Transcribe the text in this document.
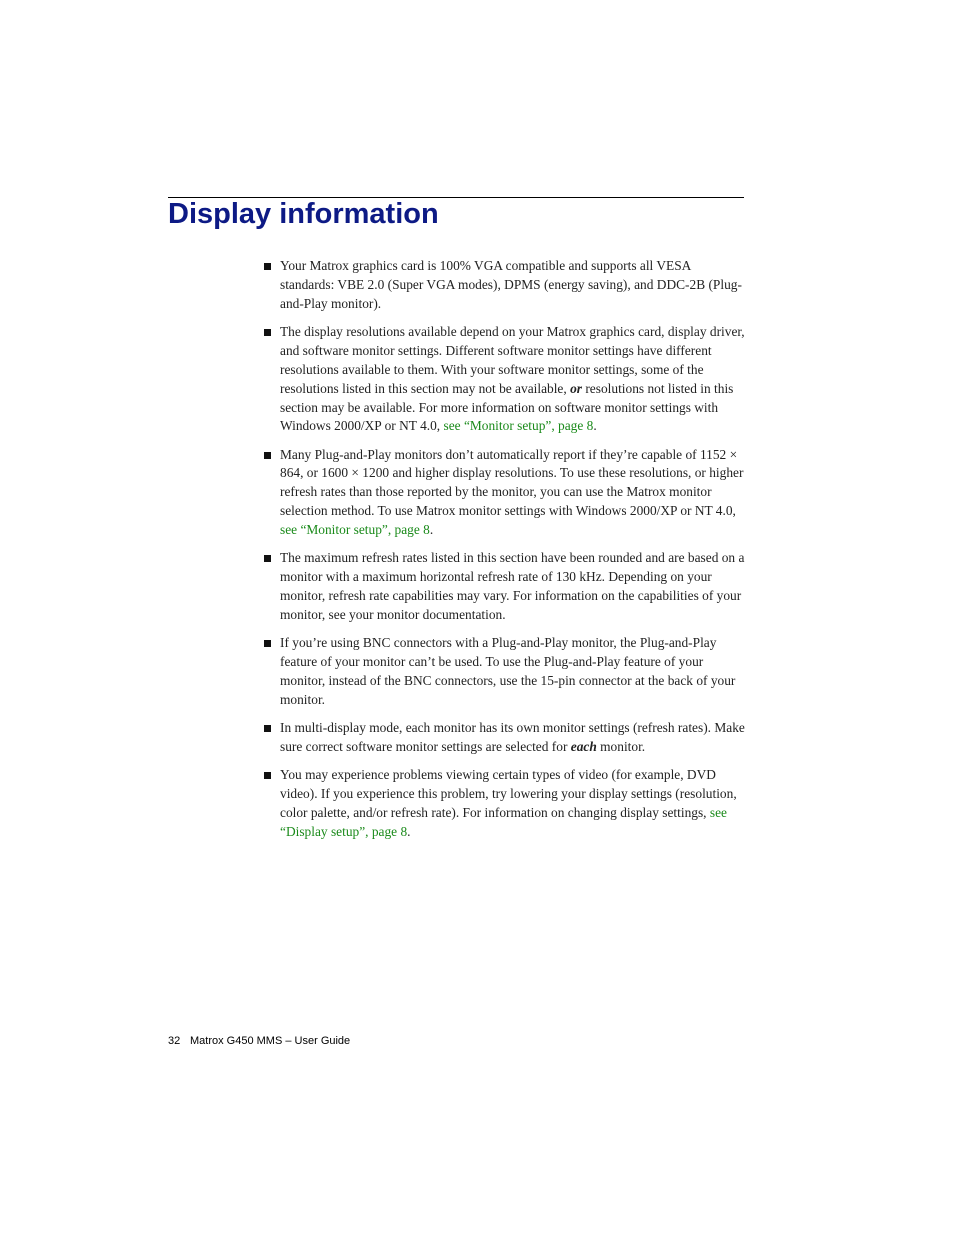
Display information
Your Matrox graphics card is 100% VGA compatible and supports all VESA standards: VBE 2.0 (Super VGA modes), DPMS (energy saving), and DDC-2B (Plug-and-Play monitor).
The display resolutions available depend on your Matrox graphics card, display driver, and software monitor settings. Different software monitor settings have different resolutions available to them. With your software monitor settings, some of the resolutions listed in this section may not be available, or resolutions not listed in this section may be available. For more information on software monitor settings with Windows 2000/XP or NT 4.0, see “Monitor setup”, page 8.
Many Plug-and-Play monitors don’t automatically report if they’re capable of 1152 × 864, or 1600 × 1200 and higher display resolutions. To use these resolutions, or higher refresh rates than those reported by the monitor, you can use the Matrox monitor selection method. To use Matrox monitor settings with Windows 2000/XP or NT 4.0, see “Monitor setup”, page 8.
The maximum refresh rates listed in this section have been rounded and are based on a monitor with a maximum horizontal refresh rate of 130 kHz. Depending on your monitor, refresh rate capabilities may vary. For information on the capabilities of your monitor, see your monitor documentation.
If you’re using BNC connectors with a Plug-and-Play monitor, the Plug-and-Play feature of your monitor can’t be used. To use the Plug-and-Play feature of your monitor, instead of the BNC connectors, use the 15-pin connector at the back of your monitor.
In multi-display mode, each monitor has its own monitor settings (refresh rates). Make sure correct software monitor settings are selected for each monitor.
You may experience problems viewing certain types of video (for example, DVD video). If you experience this problem, try lowering your display settings (resolution, color palette, and/or refresh rate). For information on changing display settings, see “Display setup”, page 8.
32 Matrox G450 MMS – User Guide
